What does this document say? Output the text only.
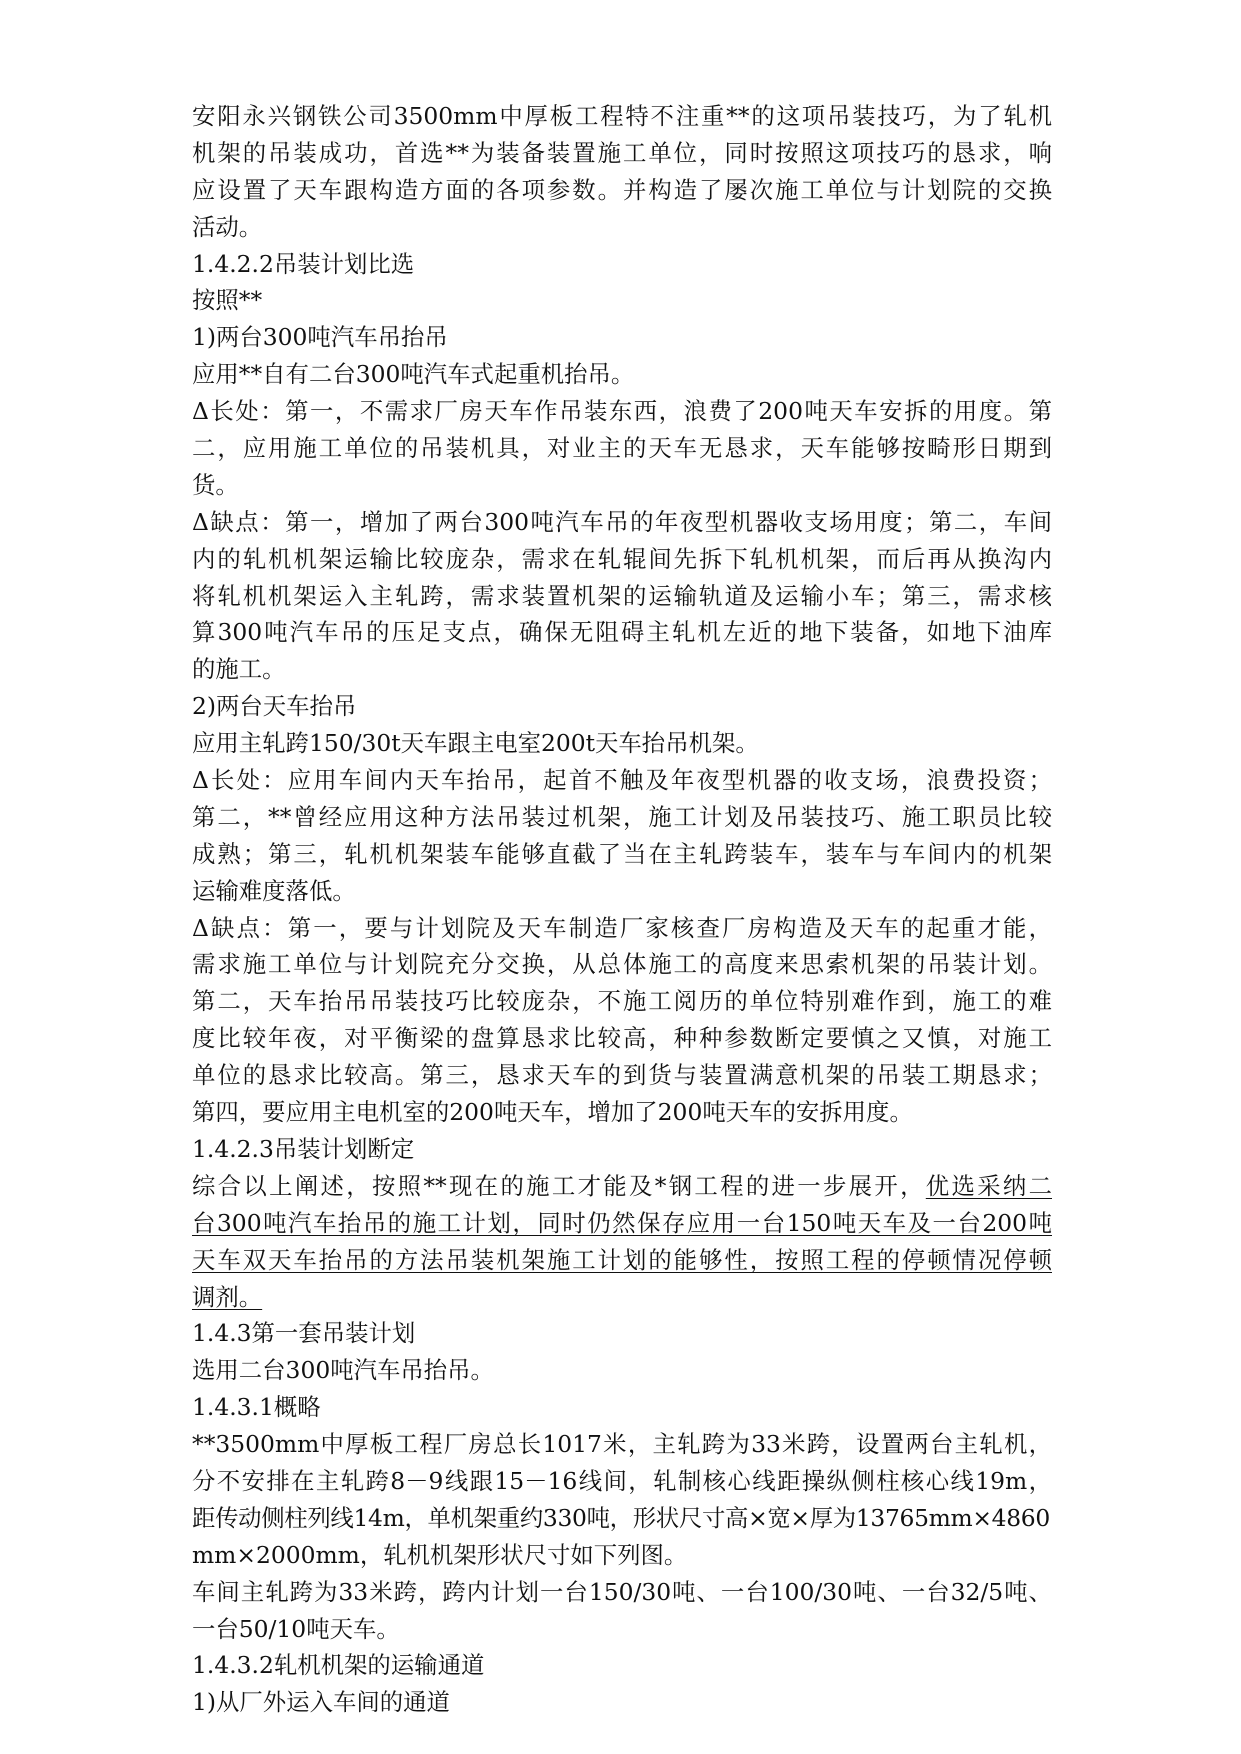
安阳永兴钢铁公司3500mm中厚板工程特不注重**的这项吊装技巧，为了轧机
机架的吊装成功，首选**为装备装置施工单位，同时按照这项技巧的恳求，响
应设置了天车跟构造方面的各项参数。并构造了屡次施工单位与计划院的交换
活动。
1.4.2.2吊装计划比选
按照**
1)两台300吨汽车吊抬吊
应用**自有二台300吨汽车式起重机抬吊。
Δ长处：第一，不需求厂房天车作吊装东西，浪费了200吨天车安拆的用度。第
二，应用施工单位的吊装机具，对业主的天车无恳求，天车能够按畸形日期到
货。
Δ缺点：第一，增加了两台300吨汽车吊的年夜型机器收支场用度；第二，车间
内的轧机机架运输比较庞杂，需求在轧辊间先拆下轧机机架，而后再从换沟内
将轧机机架运入主轧跨，需求装置机架的运输轨道及运输小车；第三，需求核
算300吨汽车吊的压足支点，确保无阻碍主轧机左近的地下装备，如地下油库
的施工。
2)两台天车抬吊
应用主轧跨150/30t天车跟主电室200t天车抬吊机架。
Δ长处：应用车间内天车抬吊，起首不触及年夜型机器的收支场，浪费投资；
第二，**曾经应用这种方法吊装过机架，施工计划及吊装技巧、施工职员比较
成熟；第三，轧机机架装车能够直截了当在主轧跨装车，装车与车间内的机架
运输难度落低。
Δ缺点：第一，要与计划院及天车制造厂家核查厂房构造及天车的起重才能，
需求施工单位与计划院充分交换，从总体施工的高度来思索机架的吊装计划。
第二，天车抬吊吊装技巧比较庞杂，不施工阅历的单位特别难作到，施工的难
度比较年夜，对平衡梁的盘算恳求比较高，种种参数断定要慎之又慎，对施工
单位的恳求比较高。第三，恳求天车的到货与装置满意机架的吊装工期恳求；
第四，要应用主电机室的200吨天车，增加了200吨天车的安拆用度。
1.4.2.3吊装计划断定
综合以上阐述，按照**现在的施工才能及*钢工程的进一步展开，优选采纳二
台300吨汽车抬吊的施工计划，同时仍然保存应用一台150吨天车及一台200吨
天车双天车抬吊的方法吊装机架施工计划的能够性，按照工程的停顿情况停顿
调剂。
1.4.3第一套吊装计划
选用二台300吨汽车吊抬吊。
1.4.3.1概略
**3500mm中厚板工程厂房总长1017米，主轧跨为33米跨，设置两台主轧机，
分不安排在主轧跨8－9线跟15－16线间，轧制核心线距操纵侧柱核心线19m，
距传动侧柱列线14m，单机架重约330吨，形状尺寸高×宽×厚为13765mm×4860
mm×2000mm，轧机机架形状尺寸如下列图。
车间主轧跨为33米跨，跨内计划一台150/30吨、一台100/30吨、一台32/5吨、
一台50/10吨天车。
1.4.3.2轧机机架的运输通道
1)从厂外运入车间的通道
